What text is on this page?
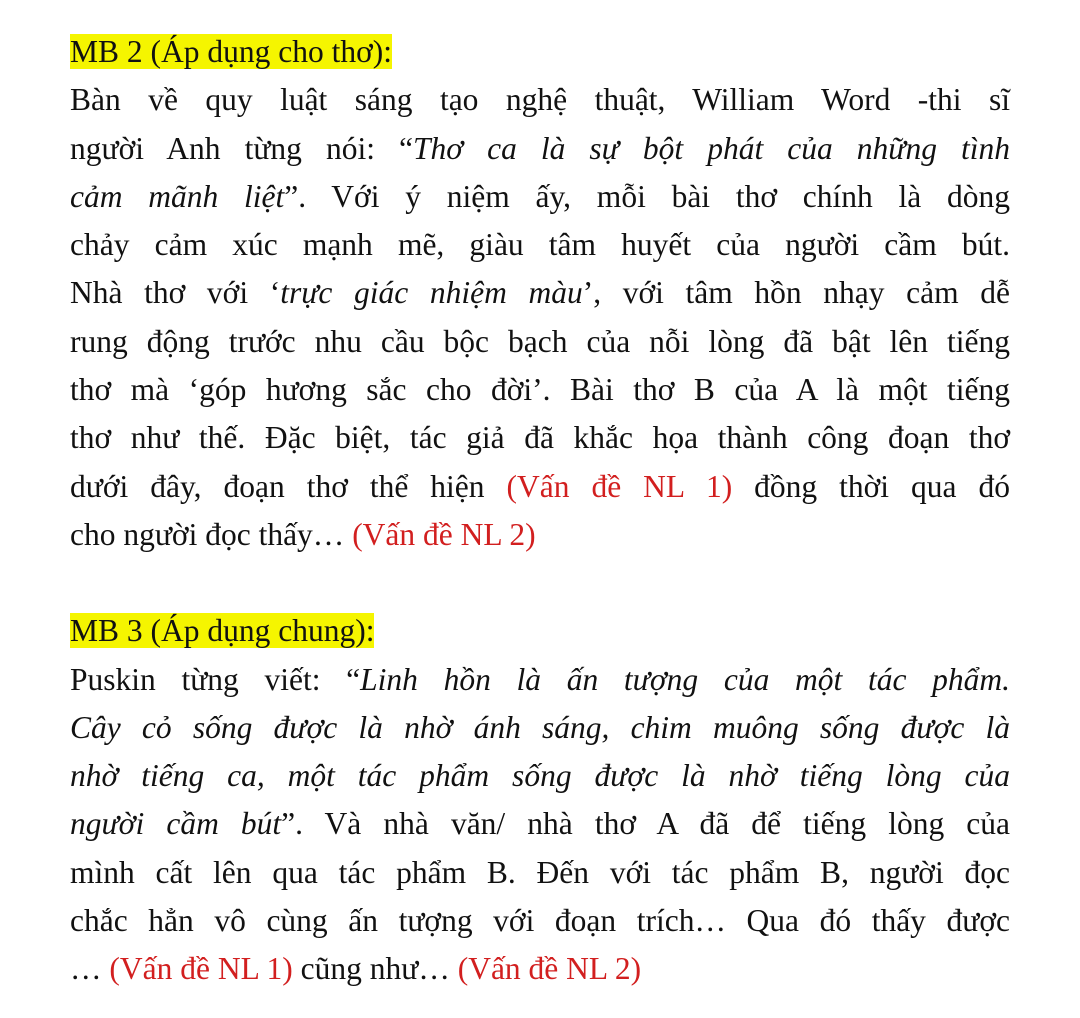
MB 2 (Áp dụng cho thơ):
Bàn về quy luật sáng tạo nghệ thuật, William Word -thi sĩ
người Anh từng nói: “Thơ ca là sự bột phát của những tình
cảm mãnh liệt”. Với ý niệm ấy, mỗi bài thơ chính là dòng
chảy cảm xúc mạnh mẽ, giàu tâm huyết của người cầm bút.
Nhà thơ với ‘trực giác nhiệm màu’, với tâm hồn nhạy cảm dễ
rung động trước nhu cầu bộc bạch của nỗi lòng đã bật lên tiếng
thơ mà ‘góp hương sắc cho đời’. Bài thơ B của A là một tiếng
thơ như thế. Đặc biệt, tác giả đã khắc họa thành công đoạn thơ
dưới đây, đoạn thơ thể hiện (Vấn đề NL 1) đồng thời qua đó
cho người đọc thấy… (Vấn đề NL 2)
MB 3 (Áp dụng chung):
Puskin từng viết: “Linh hồn là ấn tượng của một tác phẩm.
Cây cỏ sống được là nhờ ánh sáng, chim muông sống được là
nhờ tiếng ca, một tác phẩm sống được là nhờ tiếng lòng của
người cầm bút”. Và nhà văn/ nhà thơ A đã để tiếng lòng của
mình cất lên qua tác phẩm B. Đến với tác phẩm B, người đọc
chắc hẳn vô cùng ấn tượng với đoạn trích… Qua đó thấy được
… (Vấn đề NL 1) cũng như… (Vấn đề NL 2)
